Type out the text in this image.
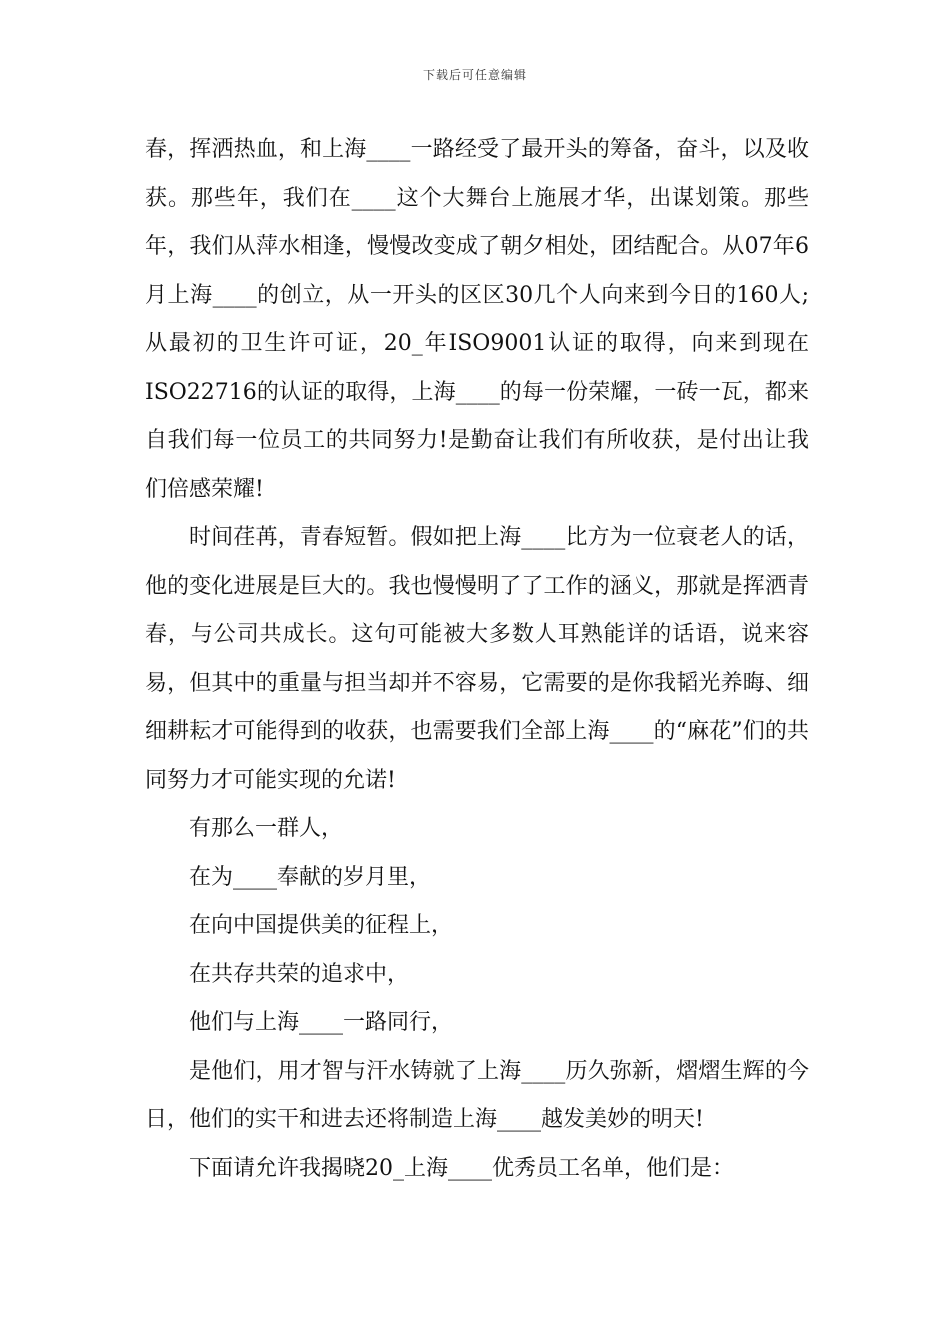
下载后可任意编辑

春，挥洒热血，和上海____一路经受了最开头的筹备，奋斗，以及收获。那些年，我们在____这个大舞台上施展才华，出谋划策。那些年，我们从萍水相逢，慢慢改变成了朝夕相处，团结配合。从07年6月上海____的创立，从一开头的区区30几个人向来到今日的160人;从最初的卫生许可证，20_年ISO9001认证的取得，向来到现在ISO22716的认证的取得，上海____的每一份荣耀，一砖一瓦，都来自我们每一位员工的共同努力!是勤奋让我们有所收获，是付出让我们倍感荣耀!

时间荏苒，青春短暂。假如把上海____比方为一位衰老人的话，他的变化进展是巨大的。我也慢慢明了了工作的涵义，那就是挥洒青春，与公司共成长。这句可能被大多数人耳熟能详的话语，说来容易，但其中的重量与担当却并不容易，它需要的是你我韬光养晦、细细耕耘才可能得到的收获，也需要我们全部上海____的“麻花”们的共同努力才可能实现的允诺!

有那么一群人，

在为____奉献的岁月里，

在向中国提供美的征程上，

在共存共荣的追求中，

他们与上海____一路同行，

是他们，用才智与汗水铸就了上海____历久弥新，熠熠生辉的今日，他们的实干和进去还将制造上海____越发美妙的明天!

下面请允许我揭晓20_上海____优秀员工名单，他们是：
